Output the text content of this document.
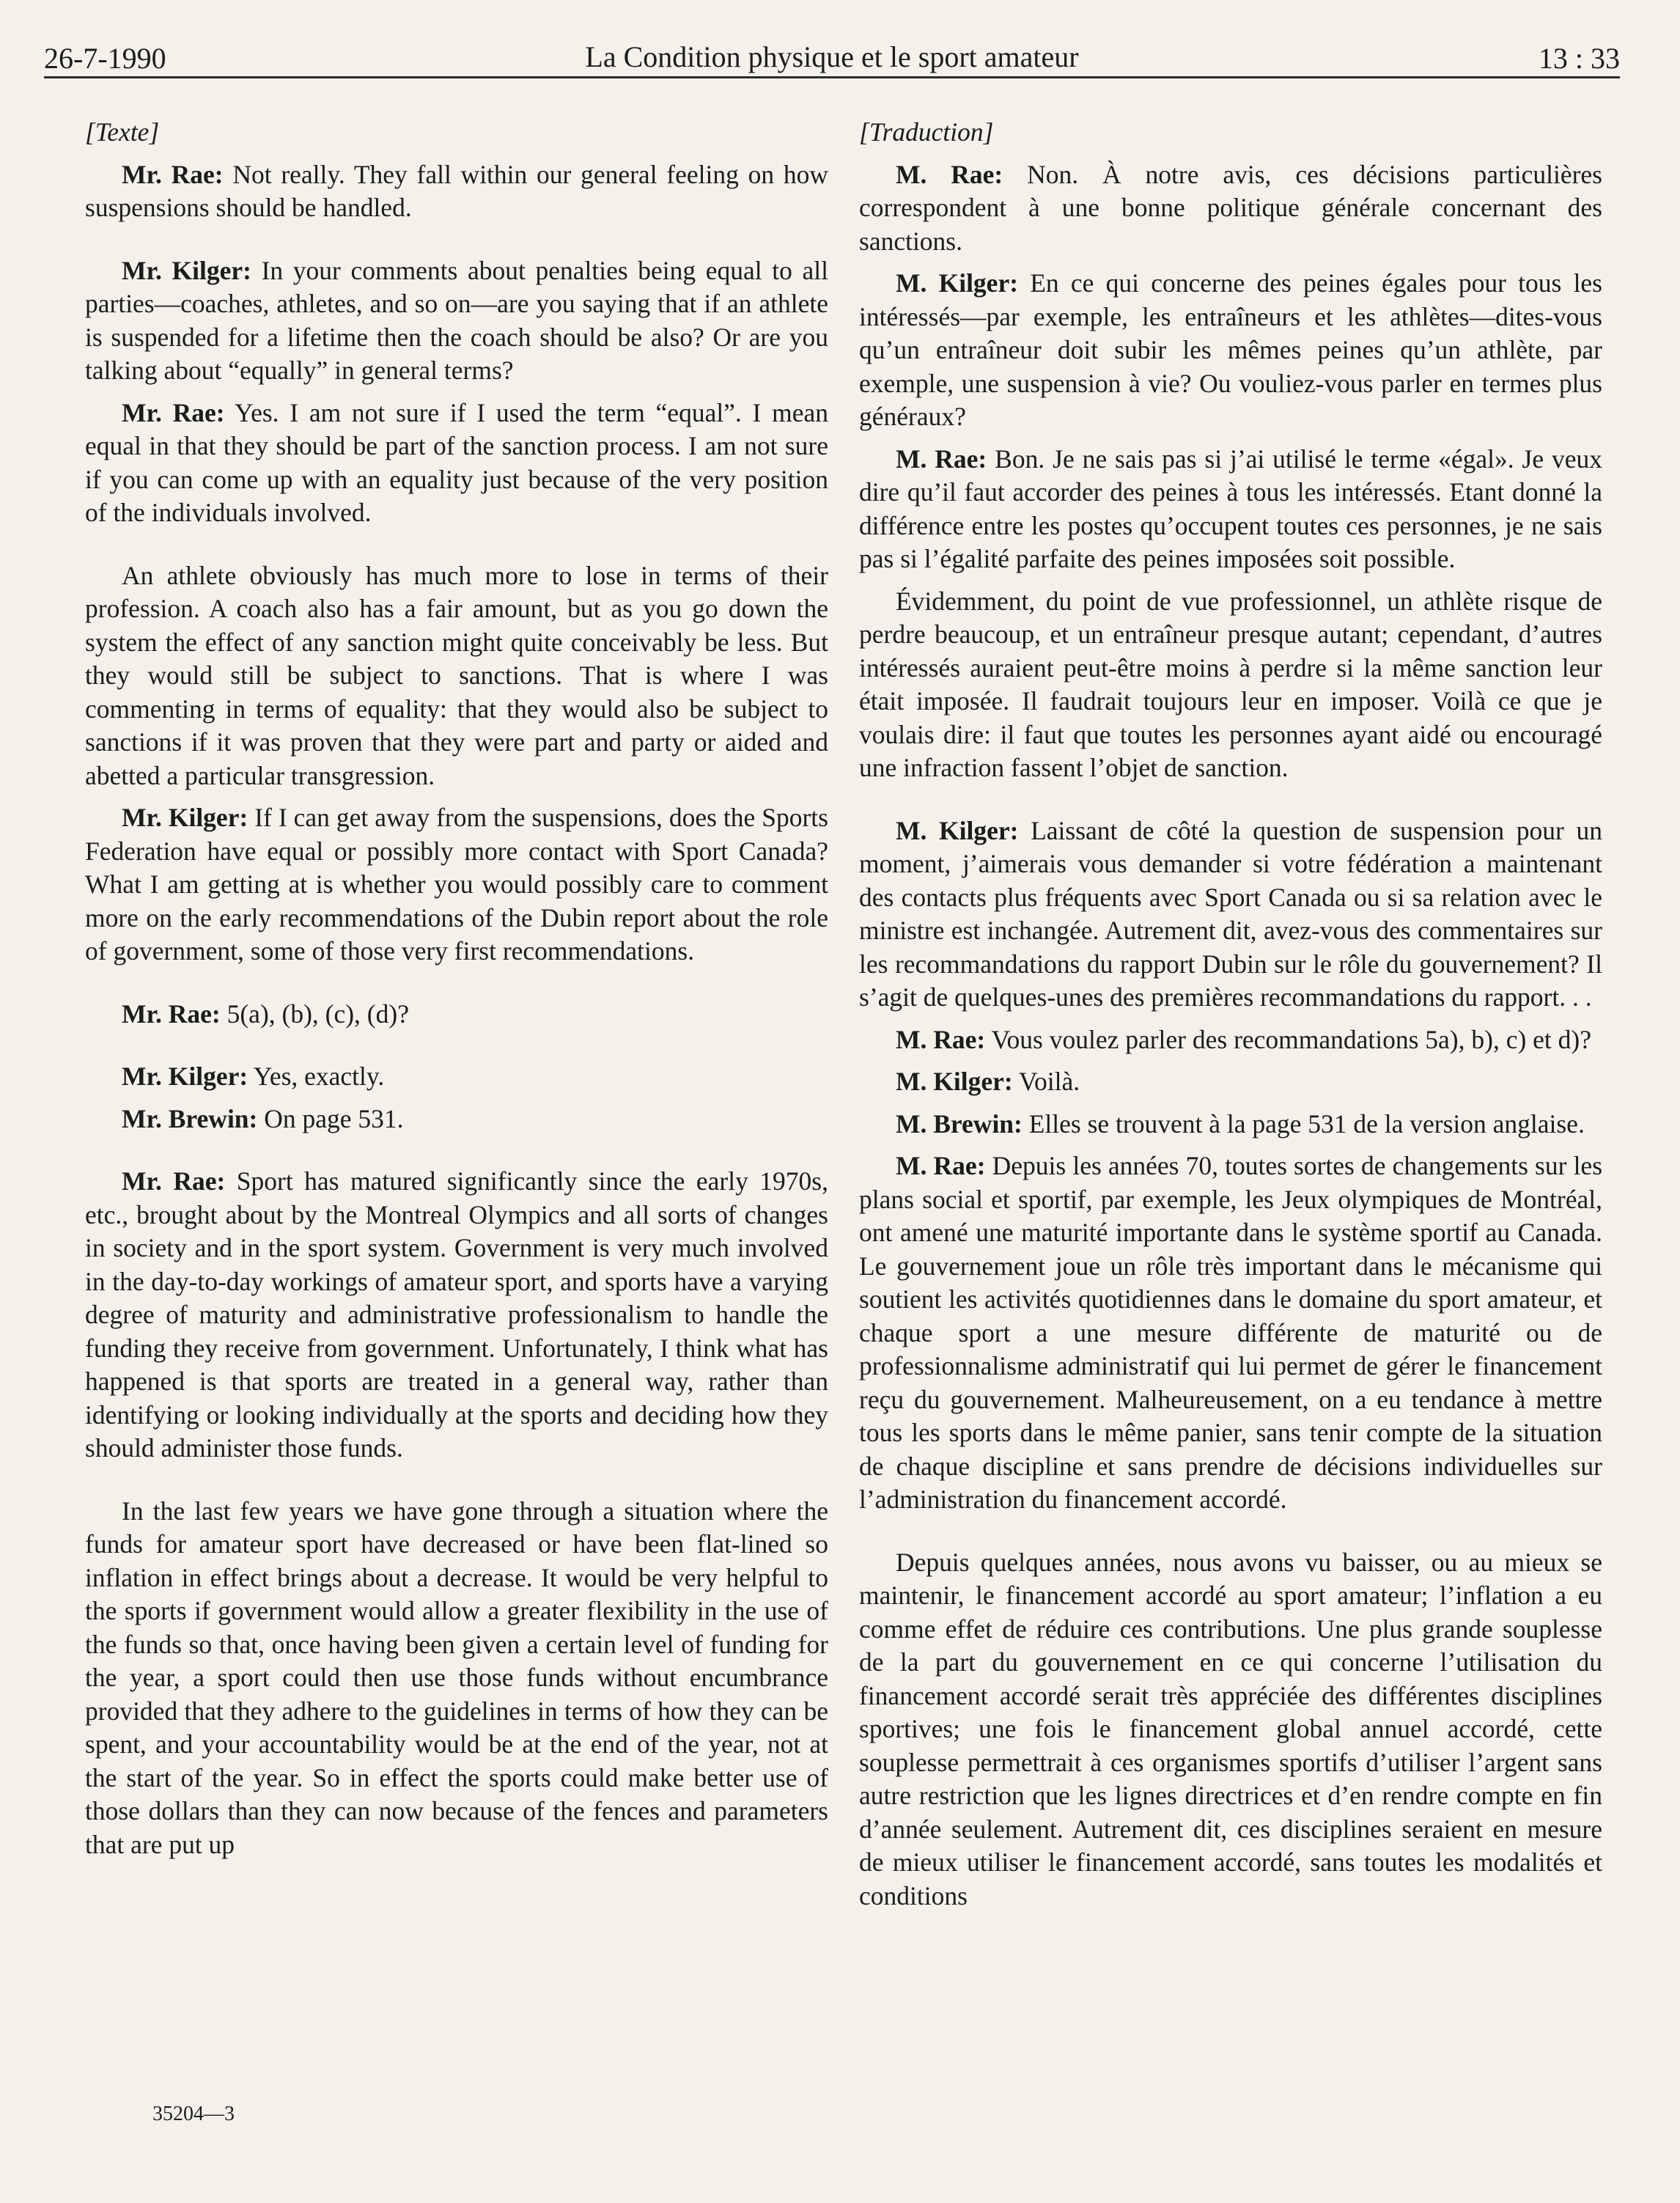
26-7-1990	La Condition physique et le sport amateur	13 : 33
[Texte]

Mr. Rae: Not really. They fall within our general feeling on how suspensions should be handled.

Mr. Kilger: In your comments about penalties being equal to all parties—coaches, athletes, and so on—are you saying that if an athlete is suspended for a lifetime then the coach should be also? Or are you talking about “equally” in general terms?

Mr. Rae: Yes. I am not sure if I used the term “equal”. I mean equal in that they should be part of the sanction process. I am not sure if you can come up with an equality just because of the very position of the individuals involved.

An athlete obviously has much more to lose in terms of their profession. A coach also has a fair amount, but as you go down the system the effect of any sanction might quite conceivably be less. But they would still be subject to sanctions. That is where I was commenting in terms of equality: that they would also be subject to sanctions if it was proven that they were part and party or aided and abetted a particular transgression.

Mr. Kilger: If I can get away from the suspensions, does the Sports Federation have equal or possibly more contact with Sport Canada? What I am getting at is whether you would possibly care to comment more on the early recommendations of the Dubin report about the role of government, some of those very first recommendations.

Mr. Rae: 5(a), (b), (c), (d)?

Mr. Kilger: Yes, exactly.

Mr. Brewin: On page 531.

Mr. Rae: Sport has matured significantly since the early 1970s, etc., brought about by the Montreal Olympics and all sorts of changes in society and in the sport system. Government is very much involved in the day-to-day workings of amateur sport, and sports have a varying degree of maturity and administrative professionalism to handle the funding they receive from government. Unfortunately, I think what has happened is that sports are treated in a general way, rather than identifying or looking individually at the sports and deciding how they should administer those funds.

In the last few years we have gone through a situation where the funds for amateur sport have decreased or have been flat-lined so inflation in effect brings about a decrease. It would be very helpful to the sports if government would allow a greater flexibility in the use of the funds so that, once having been given a certain level of funding for the year, a sport could then use those funds without encumbrance provided that they adhere to the guidelines in terms of how they can be spent, and your accountability would be at the end of the year, not at the start of the year. So in effect the sports could make better use of those dollars than they can now because of the fences and parameters that are put up

[Traduction]

M. Rae: Non. À notre avis, ces décisions particulières correspondent à une bonne politique générale concernant des sanctions.

M. Kilger: En ce qui concerne des peines égales pour tous les intéressés—par exemple, les entraîneurs et les athlètes—dites-vous qu’un entraîneur doit subir les mêmes peines qu’un athlète, par exemple, une suspension à vie? Ou vouliez-vous parler en termes plus généraux?

M. Rae: Bon. Je ne sais pas si j’ai utilisé le terme «égal». Je veux dire qu’il faut accorder des peines à tous les intéressés. Etant donné la différence entre les postes qu’occupent toutes ces personnes, je ne sais pas si l’égalité parfaite des peines imposées soit possible.

Évidemment, du point de vue professionnel, un athlète risque de perdre beaucoup, et un entraîneur presque autant; cependant, d’autres intéressés auraient peut-être moins à perdre si la même sanction leur était imposée. Il faudrait toujours leur en imposer. Voilà ce que je voulais dire: il faut que toutes les personnes ayant aidé ou encouragé une infraction fassent l’objet de sanction.

M. Kilger: Laissant de côté la question de suspension pour un moment, j’aimerais vous demander si votre fédération a maintenant des contacts plus fréquents avec Sport Canada ou si sa relation avec le ministre est inchangée. Autrement dit, avez-vous des commentaires sur les recommandations du rapport Dubin sur le rôle du gouvernement? Il s’agit de quelques-unes des premières recommandations du rapport. . .

M. Rae: Vous voulez parler des recommandations 5a), b), c) et d)?

M. Kilger: Voilà.

M. Brewin: Elles se trouvent à la page 531 de la version anglaise.

M. Rae: Depuis les années 70, toutes sortes de changements sur les plans social et sportif, par exemple, les Jeux olympiques de Montréal, ont amené une maturité importante dans le système sportif au Canada. Le gouvernement joue un rôle très important dans le mécanisme qui soutient les activités quotidiennes dans le domaine du sport amateur, et chaque sport a une mesure différente de maturité ou de professionnalisme administratif qui lui permet de gérer le financement reçu du gouvernement. Malheureusement, on a eu tendance à mettre tous les sports dans le même panier, sans tenir compte de la situation de chaque discipline et sans prendre de décisions individuelles sur l’administration du financement accordé.

Depuis quelques années, nous avons vu baisser, ou au mieux se maintenir, le financement accordé au sport amateur; l’inflation a eu comme effet de réduire ces contributions. Une plus grande souplesse de la part du gouvernement en ce qui concerne l’utilisation du financement accordé serait très appréciée des différentes disciplines sportives; une fois le financement global annuel accordé, cette souplesse permettrait à ces organismes sportifs d’utiliser l’argent sans autre restriction que les lignes directrices et d’en rendre compte en fin d’année seulement. Autrement dit, ces disciplines seraient en mesure de mieux utiliser le financement accordé, sans toutes les modalités et conditions

35204—3
